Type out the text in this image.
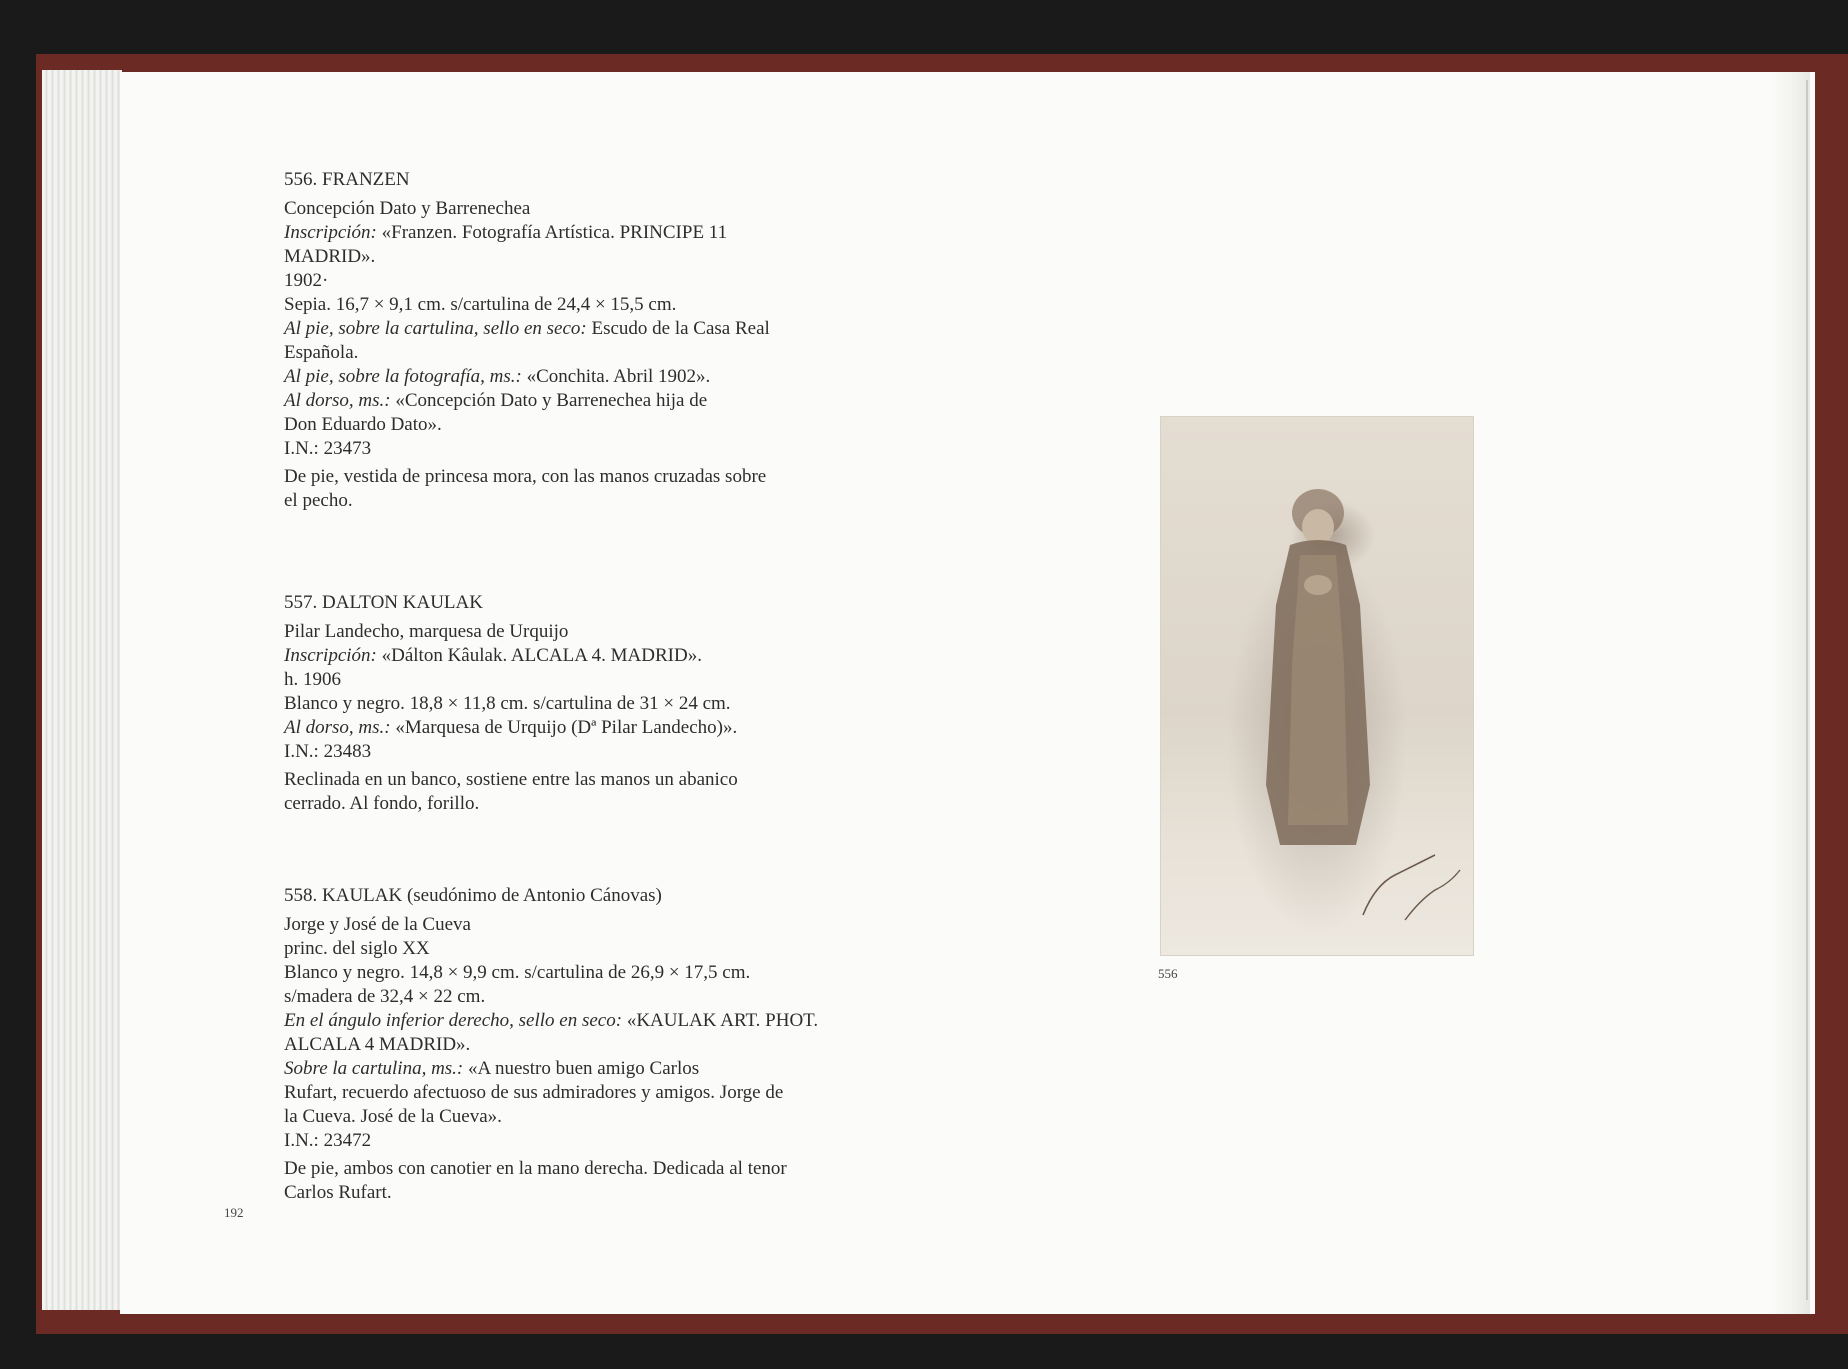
556. FRANZEN
Concepción Dato y Barrenechea
Inscripción: «Franzen. Fotografía Artística. PRINCIPE 11
MADRID».
1902·
Sepia. 16,7 × 9,1 cm. s/cartulina de 24,4 × 15,5 cm.
Al pie, sobre la cartulina, sello en seco: Escudo de la Casa Real
Española.
Al pie, sobre la fotografía, ms.: «Conchita. Abril 1902».
Al dorso, ms.: «Concepción Dato y Barrenechea hija de
Don Eduardo Dato».
I.N.: 23473
De pie, vestida de princesa mora, con las manos cruzadas sobre
el pecho.
557. DALTON KAULAK
Pilar Landecho, marquesa de Urquijo
Inscripción: «Dálton Kâulak. ALCALA 4. MADRID».
h. 1906
Blanco y negro. 18,8 × 11,8 cm. s/cartulina de 31 × 24 cm.
Al dorso, ms.: «Marquesa de Urquijo (Dª Pilar Landecho)».
I.N.: 23483
Reclinada en un banco, sostiene entre las manos un abanico
cerrado. Al fondo, forillo.
558. KAULAK (seudónimo de Antonio Cánovas)
Jorge y José de la Cueva
princ. del siglo XX
Blanco y negro. 14,8 × 9,9 cm. s/cartulina de 26,9 × 17,5 cm.
s/madera de 32,4 × 22 cm.
En el ángulo inferior derecho, sello en seco: «KAULAK ART. PHOT.
ALCALA 4 MADRID».
Sobre la cartulina, ms.: «A nuestro buen amigo Carlos
Rufart, recuerdo afectuoso de sus admiradores y amigos. Jorge de
la Cueva. José de la Cueva».
I.N.: 23472
De pie, ambos con canotier en la mano derecha. Dedicada al tenor
Carlos Rufart.
556
192
